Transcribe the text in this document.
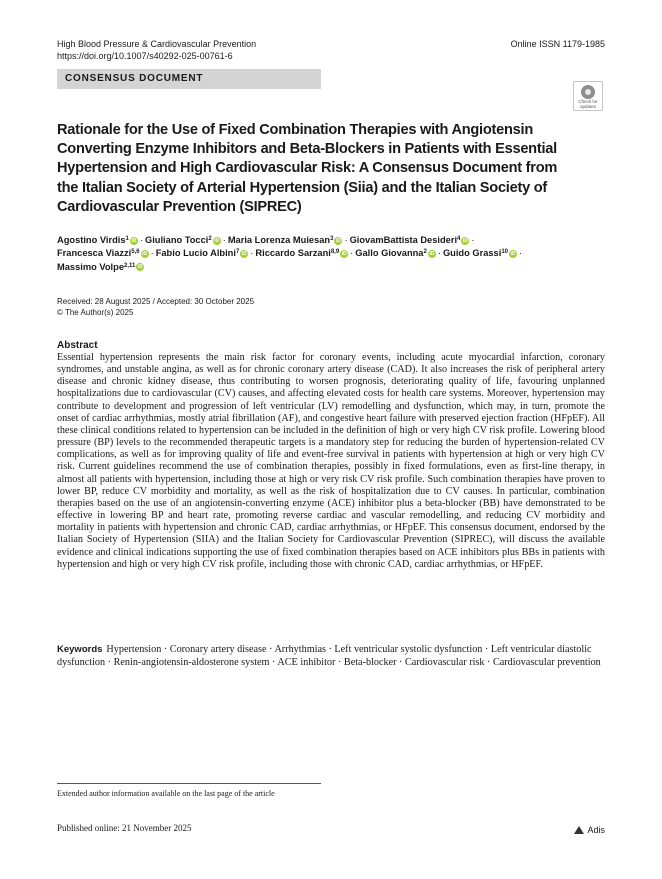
High Blood Pressure & Cardiovascular Prevention
https://doi.org/10.1007/s40292-025-00761-6
Online ISSN 1179-1985
CONSENSUS DOCUMENT
Check for
updates
Rationale for the Use of Fixed Combination Therapies with Angiotensin Converting Enzyme Inhibitors and Beta-Blockers in Patients with Essential Hypertension and High Cardiovascular Risk: A Consensus Document from the Italian Society of Arterial Hypertension (Siia) and the Italian Society of Cardiovascular Prevention (SIPREC)
Agostino Virdis$^1$ iD · Giuliano Tocci$^2$ iD · Maria Lorenza Muiesan$^3$ iD · GiovamBattista Desideri$^4$ iD ·
Francesca Viazzi$^{5,6}$ iD · Fabio Lucio Albini$^7$ iD · Riccardo Sarzani$^{8,9}$ iD · Gallo Giovanna$^2$ iD · Guido Grassi$^{10}$ iD ·
Massimo Volpe$^{2,11}$ iD
Received: 28 August 2025 / Accepted: 30 October 2025
© The Author(s) 2025
Abstract

Essential hypertension represents the main risk factor for coronary events, including acute myocardial infarction, coronary syndromes, and unstable angina, as well as for chronic coronary artery disease (CAD). It also increases the risk of peripheral artery disease and chronic kidney disease, thus contributing to worsen prognosis, deteriorating quality of life, favouring unplanned hospitalizations due to cardiovascular (CV) causes, and affecting elevated costs for health care systems. Moreover, hypertension may contribute to development and progression of left ventricular (LV) remodelling and dysfunction, which may, in turn, promote the onset of cardiac arrhythmias, mostly atrial fibrillation (AF), and congestive heart failure with preserved ejection fraction (HFpEF). All these clinical conditions related to hypertension can be included in the definition of high or very high CV risk profile. Lowering blood pressure (BP) levels to the recommended therapeutic targets is a mandatory step for reducing the burden of hypertension-related CV complications, as well as for improving quality of life and event-free survival in patients with hypertension at high or very high CV risk. Current guidelines recommend the use of combination therapies, possibly in fixed formulations, even as first-line therapy, in almost all patients with hypertension, including those at high or very risk CV risk profile. Such combination therapies have proven to lower BP, reduce CV morbidity and mortality, as well as the risk of hospitalization due to CV causes. In particular, combination therapies based on the use of an angiotensin-converting enzyme (ACE) inhibitor plus a beta-blocker (BB) have demonstrated to be effective in lowering BP and heart rate, promoting reverse cardiac and vascular remodelling, and reducing CV morbidity and mortality in patients with hypertension and chronic CAD, cardiac arrhythmias, or HFpEF. This consensus document, endorsed by the Italian Society of Hypertension (SIIA) and the Italian Society for Cardiovascular Prevention (SIPREC), will discuss the available evidence and clinical indications supporting the use of fixed combination therapies based on ACE inhibitors plus BBs in patients with hypertension and high or very high CV risk profile, including those with chronic CAD, cardiac arrhythmias, or HFpEF.

Keywords Hypertension · Coronary artery disease · Arrhythmias · Left ventricular systolic dysfunction · Left ventricular diastolic dysfunction · Renin-angiotensin-aldosterone system · ACE inhibitor · Beta-blocker · Cardiovascular risk · Cardiovascular prevention

Extended author information available on the last page of the article
Published online: 21 November 2025	Adis
